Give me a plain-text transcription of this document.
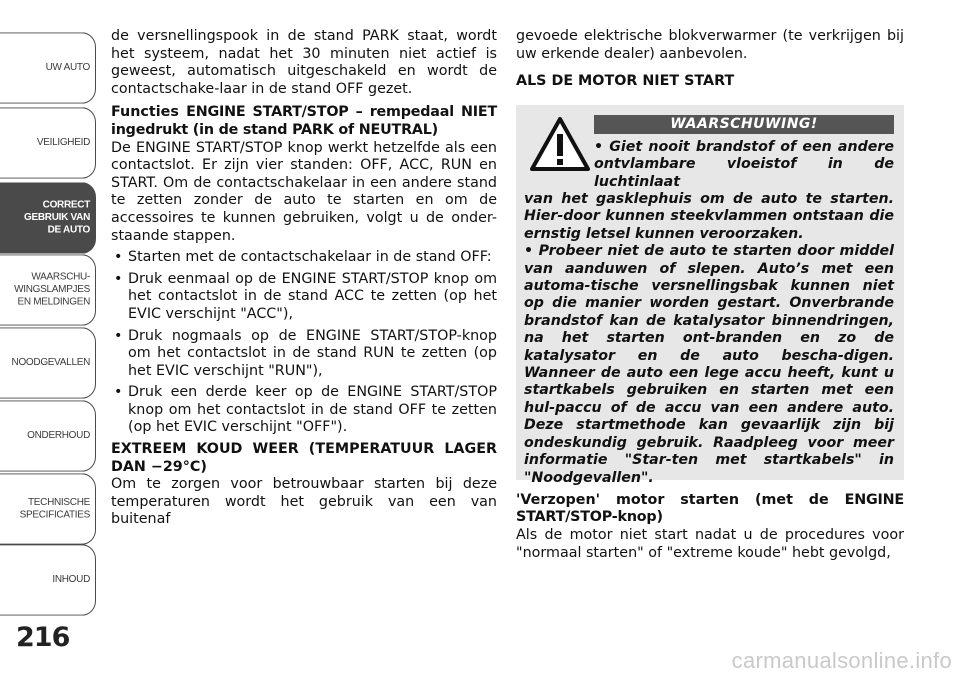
UW AUTO
VEILIGHEID
CORRECT
GEBRUIK VAN
DE AUTO
WAARSCHU-
WINGSLAMPJES
EN MELDINGEN
NOODGEVALLEN
ONDERHOUD
TECHNISCHE
SPECIFICATIES
INHOUD
216

de versnellingspook in de stand PARK staat, wordt het systeem, nadat het 30 minuten niet actief is geweest, automatisch uitgeschakeld en wordt de contactschake-laar in de stand OFF gezet.

Functies ENGINE START/STOP – rempedaal NIET ingedrukt (in de stand PARK of NEUTRAL)

De ENGINE START/STOP knop werkt hetzelfde als een contactslot. Er zijn vier standen: OFF, ACC, RUN en START. Om de contactschakelaar in een andere stand te zetten zonder de auto te starten en om de accessoires te kunnen gebruiken, volgt u de onder-staande stappen.

• Starten met de contactschakelaar in de stand OFF:
• Druk eenmaal op de ENGINE START/STOP knop om het contactslot in de stand ACC te zetten (op het EVIC verschijnt "ACC"),
• Druk nogmaals op de ENGINE START/STOP-knop om het contactslot in de stand RUN te zetten (op het EVIC verschijnt "RUN"),
• Druk een derde keer op de ENGINE START/STOP knop om het contactslot in de stand OFF te zetten (op het EVIC verschijnt "OFF").

EXTREEM KOUD WEER (TEMPERATUUR LAGER DAN −29°C)

Om te zorgen voor betrouwbaar starten bij deze temperaturen wordt het gebruik van een van buitenaf

gevoede elektrische blokverwarmer (te verkrijgen bij uw erkende dealer) aanbevolen.

ALS DE MOTOR NIET START

WAARSCHUWING!

• Giet nooit brandstof of een andere ontvlambare vloeistof in de luchtinlaat

van het gasklephuis om de auto te starten. Hier-door kunnen steekvlammen ontstaan die ernstig letsel kunnen veroorzaken.

• Probeer niet de auto te starten door middel van aanduwen of slepen. Auto’s met een automa-tische versnellingsbak kunnen niet op die manier worden gestart. Onverbrande brandstof kan de katalysator binnendringen, na het starten ont-branden en zo de katalysator en de auto bescha-digen. Wanneer de auto een lege accu heeft, kunt u startkabels gebruiken en starten met een hul-paccu of de accu van een andere auto. Deze startmethode kan gevaarlijk zijn bij ondeskundig gebruik. Raadpleeg voor meer informatie "Star-ten met startkabels" in "Noodgevallen".

'Verzopen' motor starten (met de ENGINE START/STOP-knop)

Als de motor niet start nadat u de procedures voor "normaal starten" of "extreme koude" hebt gevolgd,

carmanualsonline.info
